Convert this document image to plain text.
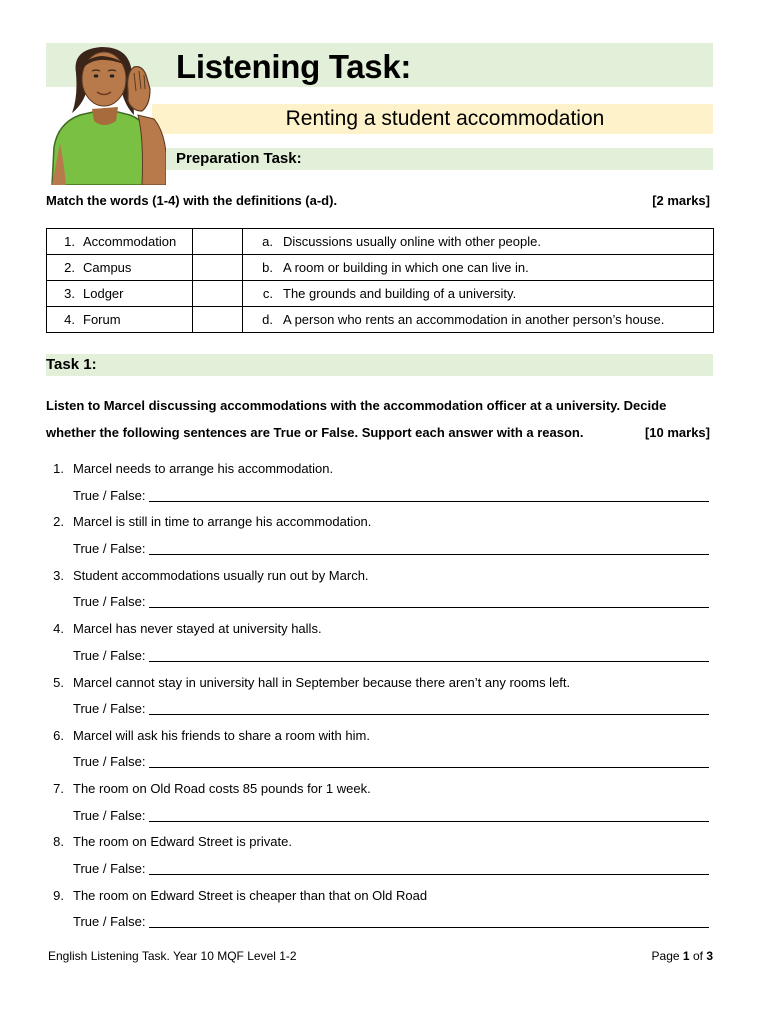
Listening Task:
Renting a student accommodation
Preparation Task:
Match the words (1-4) with the definitions (a-d).	[2 marks]
1. Accommodation		a. Discussions usually online with other people.
2. Campus		b. A room or building in which one can live in.
3. Lodger		c. The grounds and building of a university.
4. Forum		d. A person who rents an accommodation in another person’s house.
Task 1:
Listen to Marcel discussing accommodations with the accommodation officer at a university. Decide
whether the following sentences are True or False. Support each answer with a reason.	[10 marks]
1. Marcel needs to arrange his accommodation.
True / False:
2. Marcel is still in time to arrange his accommodation.
True / False:
3. Student accommodations usually run out by March.
True / False:
4. Marcel has never stayed at university halls.
True / False:
5. Marcel cannot stay in university hall in September because there aren’t any rooms left.
True / False:
6. Marcel will ask his friends to share a room with him.
True / False:
7. The room on Old Road costs 85 pounds for 1 week.
True / False:
8. The room on Edward Street is private.
True / False:
9. The room on Edward Street is cheaper than that on Old Road
True / False:
English Listening Task. Year 10 MQF Level 1-2	Page 1 of 3
